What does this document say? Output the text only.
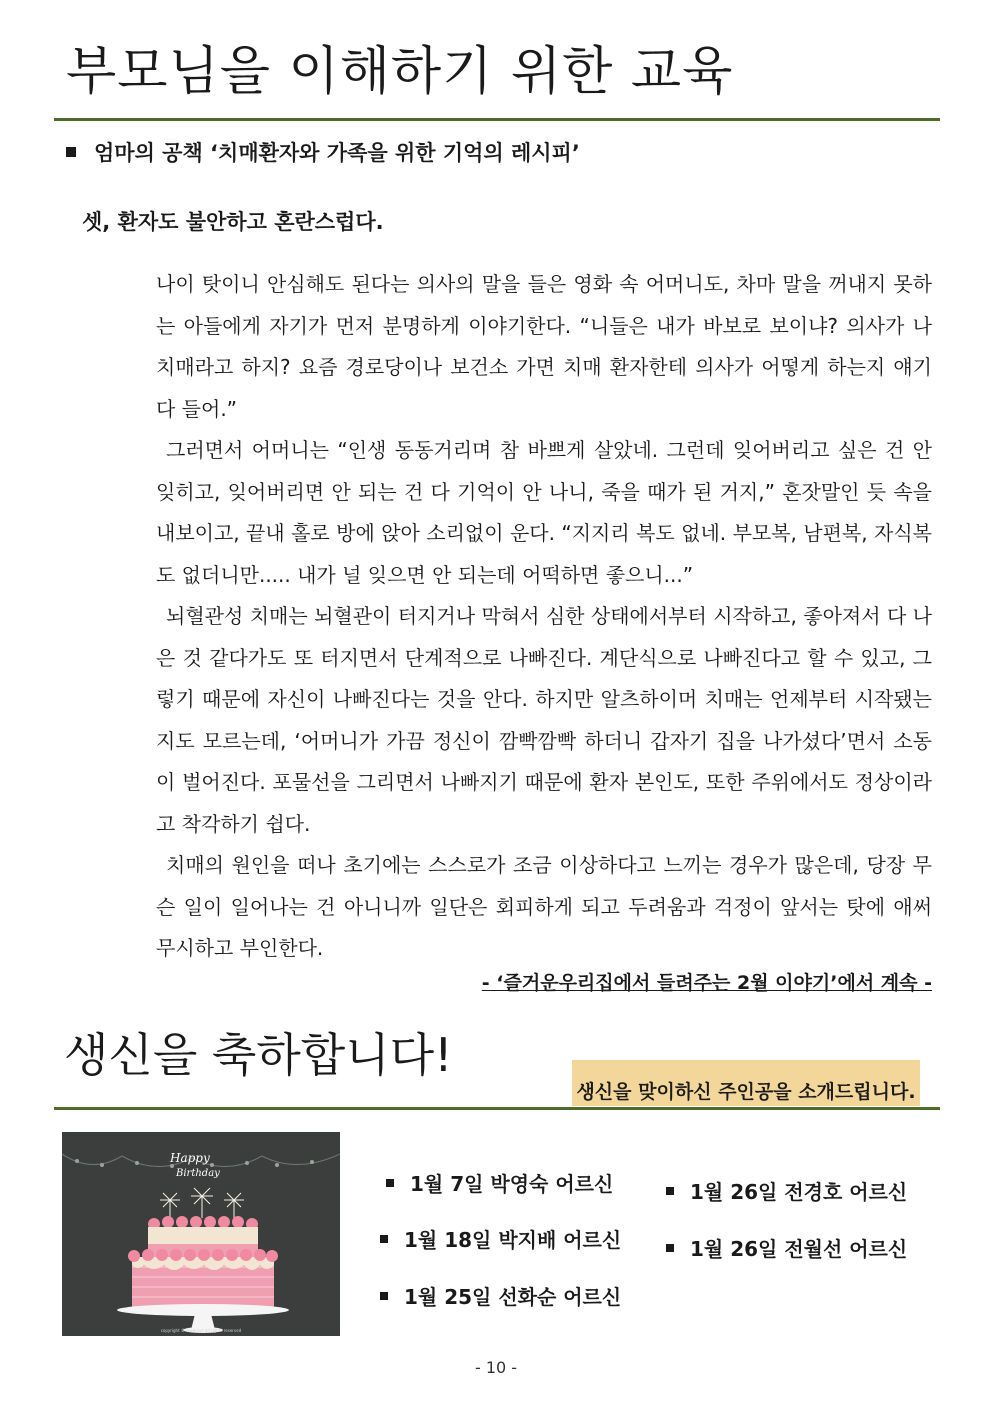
부모님을 이해하기 위한 교육
엄마의 공책 ‘치매환자와 가족을 위한 기억의 레시피’
셋, 환자도 불안하고 혼란스럽다.

나이 탓이니 안심해도 된다는 의사의 말을 들은 영화 속 어머니도, 차마 말을 꺼내지 못하는 아들에게 자기가 먼저 분명하게 이야기한다. “니들은 내가 바보로 보이냐? 의사가 나 치매라고 하지? 요즘 경로당이나 보건소 가면 치매 환자한테 의사가 어떻게 하는지 얘기 다 들어.”

그러면서 어머니는 “인생 동동거리며 참 바쁘게 살았네. 그런데 잊어버리고 싶은 건 안 잊히고, 잊어버리면 안 되는 건 다 기억이 안 나니, 죽을 때가 된 거지,” 혼잣말인 듯 속을 내보이고, 끝내 홀로 방에 앉아 소리없이 운다. “지지리 복도 없네. 부모복, 남편복, 자식복도 없더니만..... 내가 널 잊으면 안 되는데 어떡하면 좋으니...”

뇌혈관성 치매는 뇌혈관이 터지거나 막혀서 심한 상태에서부터 시작하고, 좋아져서 다 나은 것 같다가도 또 터지면서 단계적으로 나빠진다. 계단식으로 나빠진다고 할 수 있고, 그렇기 때문에 자신이 나빠진다는 것을 안다. 하지만 알츠하이머 치매는 언제부터 시작됐는지도 모르는데, ‘어머니가 가끔 정신이 깜빡깜빡 하더니 갑자기 집을 나가셨다’면서 소동이 벌어진다. 포물선을 그리면서 나빠지기 때문에 환자 본인도, 또한 주위에서도 정상이라고 착각하기 쉽다.

치매의 원인을 떠나 초기에는 스스로가 조금 이상하다고 느끼는 경우가 많은데, 당장 무슨 일이 일어나는 건 아니니까 일단은 회피하게 되고 두려움과 걱정이 앞서는 탓에 애써 무시하고 부인한다.

- ‘즐거운우리집에서 들려주는 2월 이야기’에서 계속 -
생신을 축하합니다!
생신을 맞이하신 주인공을 소개드립니다.
Happy
Birthday
copyright © www.xyz.all rights reserved
1월 7일 박영숙 어르신
1월 18일 박지배 어르신
1월 25일 선화순 어르신
1월 26일 전경호 어르신
1월 26일 전월선 어르신
- 10 -
